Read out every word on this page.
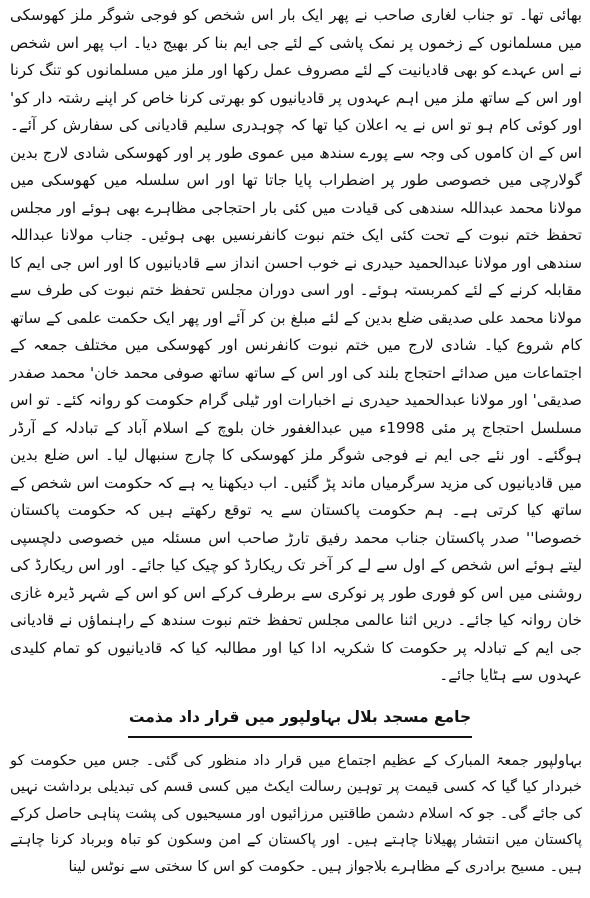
بھائی تھا۔ تو جناب لغاری صاحب نے پھر ایک بار اس شخص کو فوجی شوگر ملز کھوسکی میں مسلمانوں کے زخموں پر نمک پاشی کے لئے جی ایم بنا کر بھیج دیا۔ اب پھر اس شخص نے اس عہدے کو بھی قادیانیت کے لئے مصروف عمل رکھا اور ملز میں مسلمانوں کو تنگ کرنا اور اس کے ساتھ ملز میں اہم عہدوں پر قادیانیوں کو بھرتی کرنا خاص کر اپنے رشتہ دار کو' اور کوئی کام ہو تو اس نے یہ اعلان کیا تھا کہ چوہدری سلیم قادیانی کی سفارش کر آئے۔ اس کے ان کاموں کی وجہ سے پورے سندھ میں عموی طور پر اور کھوسکی شادی لارج بدین گولارچی میں خصوصی طور پر اضطراب پایا جاتا تھا اور اس سلسلہ میں کھوسکی میں مولانا محمد عبداللہ سندھی کی قیادت میں کئی بار احتجاجی مظاہرے بھی ہوئے اور مجلس تحفظ ختم نبوت کے تحت کئی ایک ختم نبوت کانفرنسیں بھی ہوئیں۔ جناب مولانا عبداللہ سندھی اور مولانا عبدالحمید حیدری نے خوب احسن انداز سے قادیانیوں کا اور اس جی ایم کا مقابلہ کرنے کے لئے کمربستہ ہوئے۔ اور اسی دوران مجلس تحفظ ختم نبوت کی طرف سے مولانا محمد علی صدیقی ضلع بدین کے لئے مبلغ بن کر آئے اور پھر ایک حکمت علمی کے ساتھ کام شروع کیا۔ شادی لارج میں ختم نبوت کانفرنس اور کھوسکی میں مختلف جمعہ کے اجتماعات میں صدائے احتجاج بلند کی اور اس کے ساتھ ساتھ صوفی محمد خان' محمد صفدر صدیقی' اور مولانا عبدالحمید حیدری نے اخبارات اور ٹیلی گرام حکومت کو روانہ کئے۔ تو اس مسلسل احتجاج پر مئی 1998ء میں عبدالغفور خان بلوچ کے اسلام آباد کے تبادلہ کے آرڈر ہوگئے۔ اور نئے جی ایم نے فوجی شوگر ملز کھوسکی کا چارج سنبھال لیا۔ اس ضلع بدین میں قادیانیوں کی مزید سرگرمیاں ماند پڑ گئیں۔ اب دیکھنا یہ ہے کہ حکومت اس شخص کے ساتھ کیا کرتی ہے۔ ہم حکومت پاکستان سے یہ توقع رکھتے ہیں کہ حکومت پاکستان خصوصا'' صدر پاکستان جناب محمد رفیق تارڑ صاحب اس مسئلہ میں خصوصی دلچسپی لیتے ہوئے اس شخص کے اول سے لے کر آخر تک ریکارڈ کو چیک کیا جائے۔ اور اس ریکارڈ کی روشنی میں اس کو فوری طور پر نوکری سے برطرف کرکے اس کو اس کے شہر ڈیرہ غازی خان روانہ کیا جائے۔ دریں اثنا عالمی مجلس تحفظ ختم نبوت سندھ کے راہنماؤں نے قادیانی جی ایم کے تبادلہ پر حکومت کا شکریہ ادا کیا اور مطالبہ کیا کہ قادیانیوں کو تمام کلیدی عہدوں سے ہٹایا جائے۔

جامع مسجد بلال بہاولپور میں قرار داد مذمت

بہاولپور جمعۃ المبارک کے عظیم اجتماع میں قرار داد منظور کی گئی۔ جس میں حکومت کو خبردار کیا گیا کہ کسی قیمت پر توہین رسالت ایکٹ میں کسی قسم کی تبدیلی برداشت نہیں کی جائے گی۔ جو کہ اسلام دشمن طاقتیں مرزائیوں اور مسیحیوں کی پشت پناہی حاصل کرکے پاکستان میں انتشار پھیلانا چاہتے ہیں۔ اور پاکستان کے امن وسکون کو تباہ وبرباد کرنا چاہتے ہیں۔ مسیح برادری کے مظاہرے بلاجواز ہیں۔ حکومت کو اس کا سختی سے نوٹس لینا
